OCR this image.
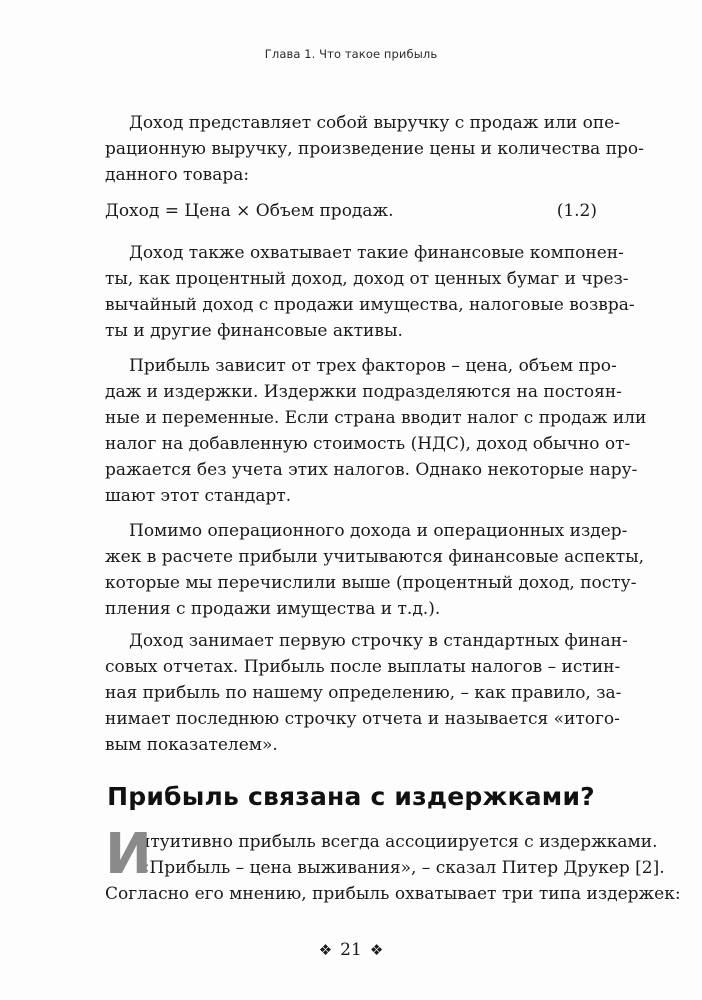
Глава 1. Что такое прибыль
Доход представляет собой выручку с продаж или опе-
рационную выручку, произведение цены и количества про-
данного товара:
Доход = Цена × Объем продаж.	(1.2)
Доход также охватывает такие финансовые компонен-
ты, как процентный доход, доход от ценных бумаг и чрез-
вычайный доход с продажи имущества, налоговые возвра-
ты и другие финансовые активы.
Прибыль зависит от трех факторов – цена, объем про-
даж и издержки. Издержки подразделяются на постоян-
ные и переменные. Если страна вводит налог с продаж или
налог на добавленную стоимость (НДС), доход обычно от-
ражается без учета этих налогов. Однако некоторые нару-
шают этот стандарт.
Помимо операционного дохода и операционных издер-
жек в расчете прибыли учитываются финансовые аспекты,
которые мы перечислили выше (процентный доход, посту-
пления с продажи имущества и т.д.).
Доход занимает первую строчку в стандартных финан-
совых отчетах. Прибыль после выплаты налогов – истин-
ная прибыль по нашему определению, – как правило, за-
нимает последнюю строчку отчета и называется «итого-
вым показателем».
Прибыль связана с издержками?
И
нтуитивно прибыль всегда ассоциируется с издержками.
«Прибыль – цена выживания», – сказал Питер Друкер [2].
Согласно его мнению, прибыль охватывает три типа издержек:
❖ 21 ❖
